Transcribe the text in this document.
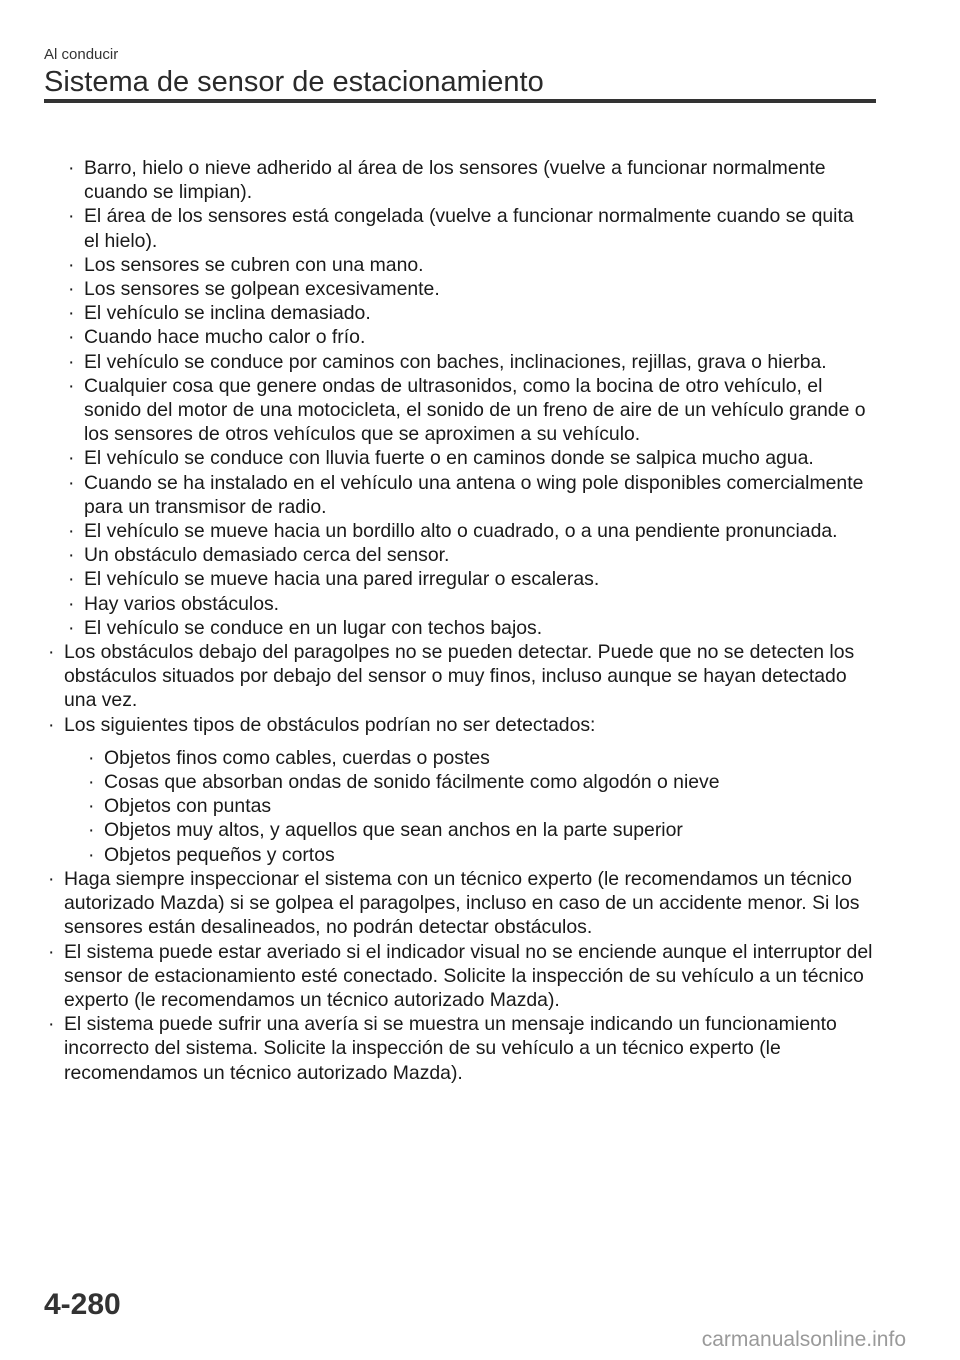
Al conducir
Sistema de sensor de estacionamiento
· Barro, hielo o nieve adherido al área de los sensores (vuelve a funcionar normalmente cuando se limpian).
· El área de los sensores está congelada (vuelve a funcionar normalmente cuando se quita el hielo).
· Los sensores se cubren con una mano.
· Los sensores se golpean excesivamente.
· El vehículo se inclina demasiado.
· Cuando hace mucho calor o frío.
· El vehículo se conduce por caminos con baches, inclinaciones, rejillas, grava o hierba.
· Cualquier cosa que genere ondas de ultrasonidos, como la bocina de otro vehículo, el sonido del motor de una motocicleta, el sonido de un freno de aire de un vehículo grande o los sensores de otros vehículos que se aproximen a su vehículo.
· El vehículo se conduce con lluvia fuerte o en caminos donde se salpica mucho agua.
· Cuando se ha instalado en el vehículo una antena o wing pole disponibles comercialmente para un transmisor de radio.
· El vehículo se mueve hacia un bordillo alto o cuadrado, o a una pendiente pronunciada.
· Un obstáculo demasiado cerca del sensor.
· El vehículo se mueve hacia una pared irregular o escaleras.
· Hay varios obstáculos.
· El vehículo se conduce en un lugar con techos bajos.
· Los obstáculos debajo del paragolpes no se pueden detectar. Puede que no se detecten los obstáculos situados por debajo del sensor o muy finos, incluso aunque se hayan detectado una vez.
· Los siguientes tipos de obstáculos podrían no ser detectados:
· Objetos finos como cables, cuerdas o postes
· Cosas que absorban ondas de sonido fácilmente como algodón o nieve
· Objetos con puntas
· Objetos muy altos, y aquellos que sean anchos en la parte superior
· Objetos pequeños y cortos
· Haga siempre inspeccionar el sistema con un técnico experto (le recomendamos un técnico autorizado Mazda) si se golpea el paragolpes, incluso en caso de un accidente menor. Si los sensores están desalineados, no podrán detectar obstáculos.
· El sistema puede estar averiado si el indicador visual no se enciende aunque el interruptor del sensor de estacionamiento esté conectado. Solicite la inspección de su vehículo a un técnico experto (le recomendamos un técnico autorizado Mazda).
· El sistema puede sufrir una avería si se muestra un mensaje indicando un funcionamiento incorrecto del sistema. Solicite la inspección de su vehículo a un técnico experto (le recomendamos un técnico autorizado Mazda).
4-280
carmanualsonline.info
